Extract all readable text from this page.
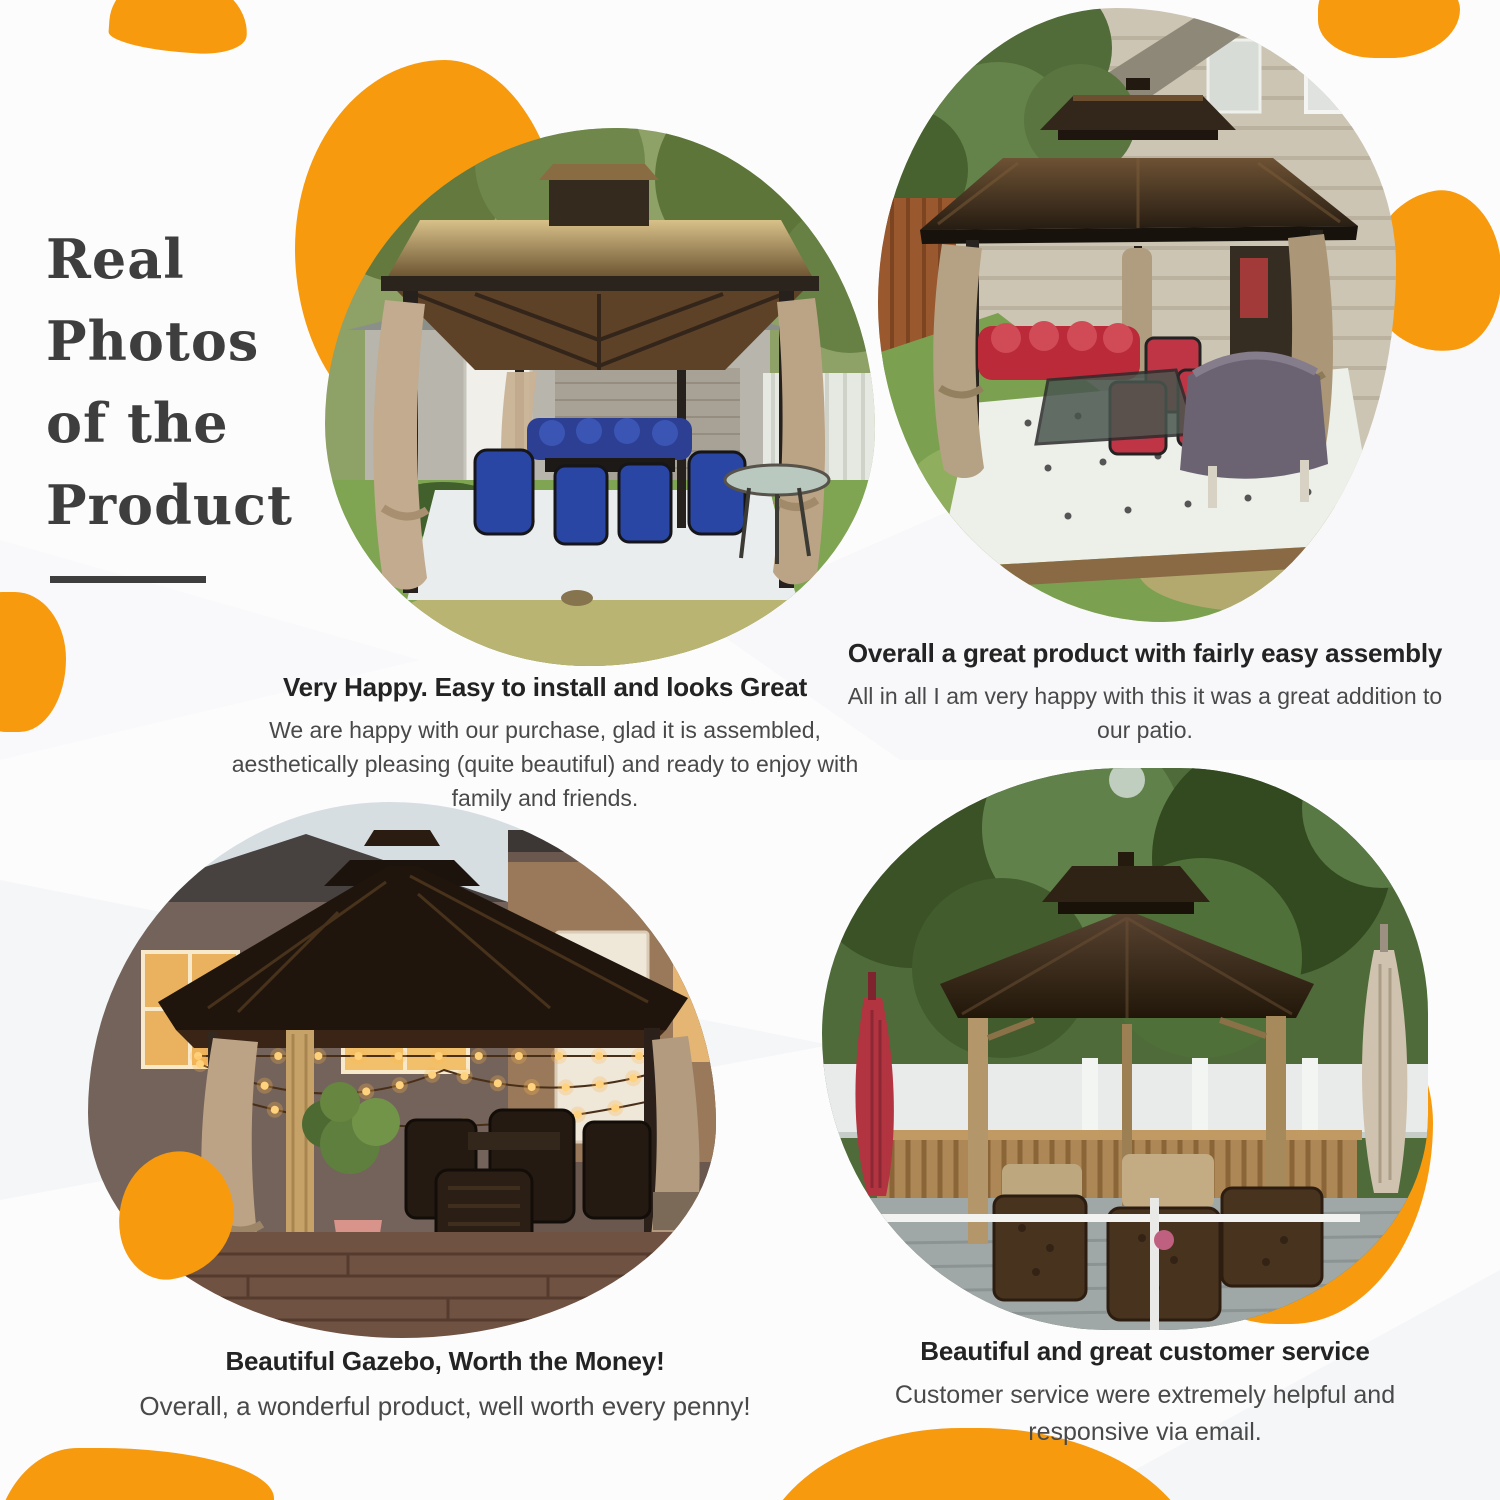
Real Photos of the Product
Very Happy. Easy to install and looks Great
We are happy with our purchase, glad it is assembled, aesthetically pleasing (quite beautiful) and ready to enjoy with family and friends.
Overall a great product with fairly easy assembly
All in all I am very happy with this it was a great addition to our patio.
Beautiful Gazebo, Worth the Money!
Overall, a wonderful product, well worth every penny!
Beautiful and great customer service
Customer service were extremely helpful and responsive via email.
